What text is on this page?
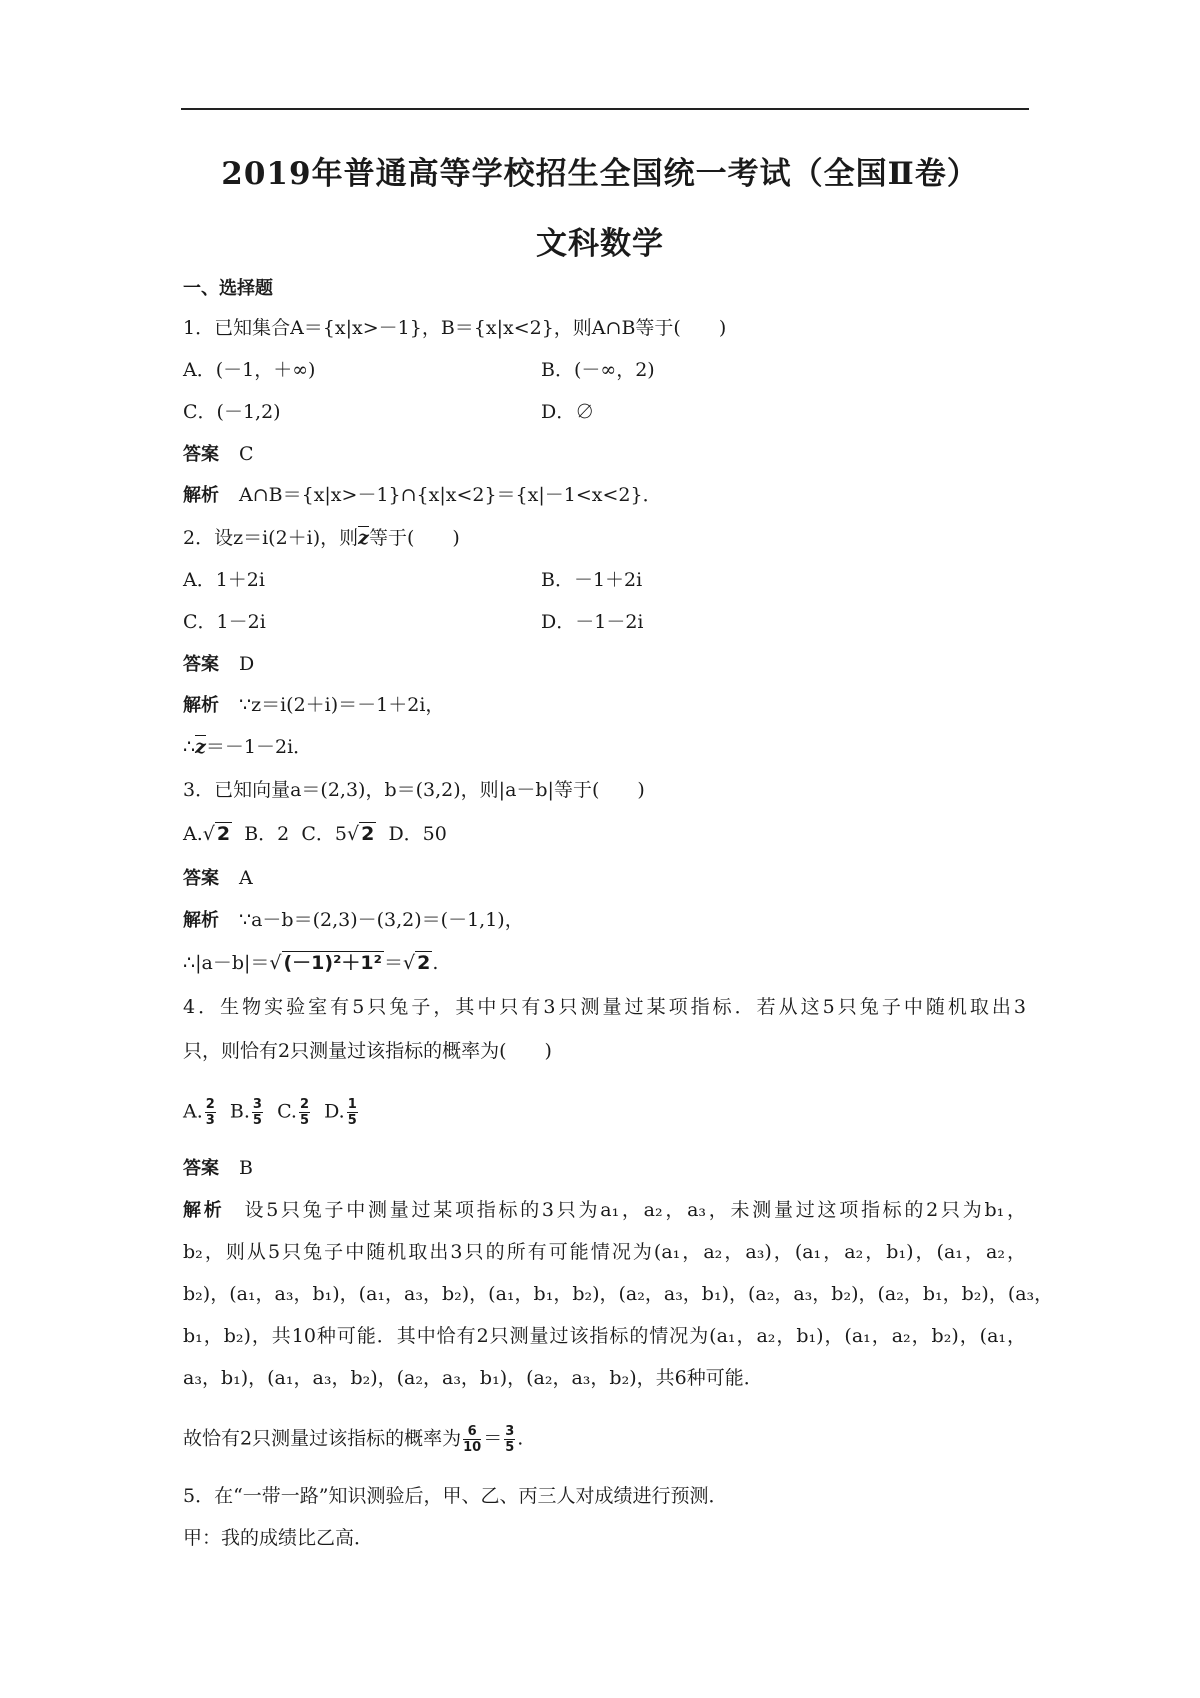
2019年普通高等学校招生全国统一考试（全国Ⅱ卷）
文科数学
一、选择题
1．已知集合A＝{x|x>－1}，B＝{x|x<2}，则A∩B等于(　　)
A．(－1，＋∞)	B．(－∞，2)
C．(－1,2)	D．∅
答案 C
解析 A∩B＝{x|x>－1}∩{x|x<2}＝{x|－1<x<2}．
2．设z＝i(2＋i)，则z等于(　　)
A．1＋2i	B．－1＋2i
C．1－2i	D．－1－2i
答案 D
解析 ∵z＝i(2＋i)＝－1＋2i，
∴z＝－1－2i．
3．已知向量a＝(2,3)，b＝(3,2)，则|a－b|等于(　　)
A.√ 2 B．2 C．5√ 2 D．50
答案 A
解析 ∵a－b＝(2,3)－(3,2)＝(－1,1)，
∴|a－b|＝√ (－1)²＋1² ＝√ 2 .
4．生物实验室有5只兔子，其中只有3只测量过某项指标．若从这5只兔子中随机取出3
只，则恰有2只测量过该指标的概率为(　　)
A. $\frac{2}{3} B$. $\frac{3}{5} C$. $\frac{2}{5} D$. $\frac{1}{5}$
答案 B
解析 设5只兔子中测量过某项指标的3只为a₁，a₂，a₃，未测量过这项指标的2只为b₁，
b₂，则从5只兔子中随机取出3只的所有可能情况为(a₁，a₂，a₃)，(a₁，a₂，b₁)，(a₁，a₂，
b₂)，(a₁，a₃，b₁)，(a₁，a₃，b₂)，(a₁，b₁，b₂)，(a₂，a₃，b₁)，(a₂，a₃，b₂)，(a₂，b₁，b₂)，(a₃，
b₁，b₂)，共10种可能．其中恰有2只测量过该指标的情况为(a₁，a₂，b₁)，(a₁，a₂，b₂)，(a₁，
a₃，b₁)，(a₁，a₃，b₂)，(a₂，a₃，b₁)，(a₂，a₃，b₂)，共6种可能．
故恰有2只测量过该指标的概率为 $\frac{6}{10} = \frac{3}{5}$ .
5．在“一带一路”知识测验后，甲、乙、丙三人对成绩进行预测．
甲：我的成绩比乙高．
